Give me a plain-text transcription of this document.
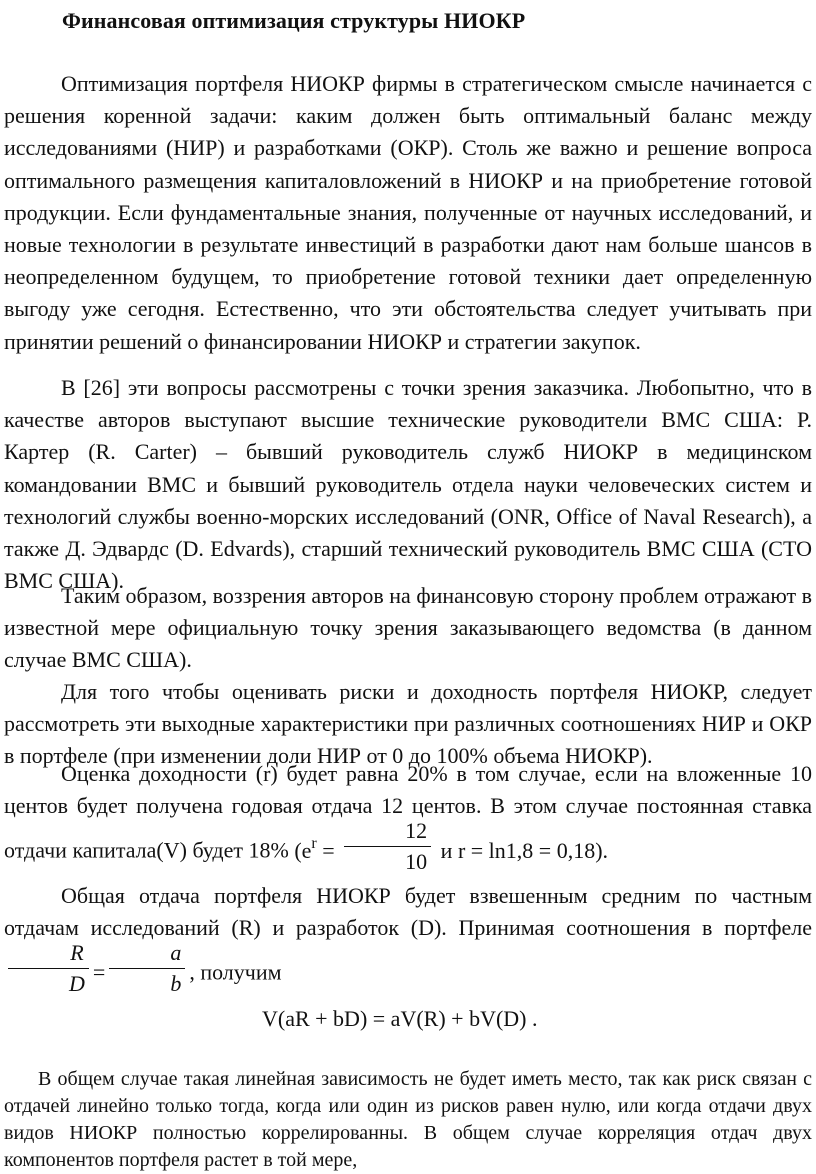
Финансовая оптимизация структуры НИОКР

Оптимизация портфеля НИОКР фирмы в стратегическом смысле начинается с решения коренной задачи: каким должен быть оптимальный баланс между исследованиями (НИР) и разработками (ОКР). Столь же важно и решение вопроса оптимального размещения капиталовложений в НИОКР и на приобретение готовой продукции. Если фундаментальные знания, полученные от научных исследований, и новые технологии в результате инвестиций в разработки дают нам больше шансов в неопределенном будущем, то приобретение готовой техники дает определенную выгоду уже сегодня. Естественно, что эти обстоятельства следует учитывать при принятии решений о финансировании НИОКР и стратегии закупок.

В [26] эти вопросы рассмотрены с точки зрения заказчика. Любопытно, что в качестве авторов выступают высшие технические руководители ВМС США: Р. Картер (R. Carter) – бывший руководитель служб НИОКР в медицинском командовании ВМС и бывший руководитель отдела науки человеческих систем и технологий службы военно-морских исследований (ONR, Office of Naval Research), а также Д. Эдвардс (D. Edvards), старший технический руководитель ВМС США (СТО ВМС США).

Таким образом, воззрения авторов на финансовую сторону проблем отражают в известной мере официальную точку зрения заказывающего ведомства (в данном случае ВМС США).

Для того чтобы оценивать риски и доходность портфеля НИОКР, следует рассмотреть эти выходные характеристики при различных соотношениях НИР и ОКР в портфеле (при изменении доли НИР от 0 до 100% объема НИОКР).

Оценка доходности (r) будет равна 20% в том случае, если на вложенные 10 центов будет получена годовая отдача 12 центов. В этом случае постоянная ставка отдачи капитала(V) будет 18% ($e^r = \frac{12}{10}$ и r = ln1,8 = 0,18).

Общая отдача портфеля НИОКР будет взвешенным средним по частным отдачам исследований (R) и разработок (D). Принимая соотношения в портфеле
$\frac{R}{D} = \frac{a}{b}$ , получим

V(aR + bD) = aV(R) + bV(D) .

В общем случае такая линейная зависимость не будет иметь место, так как риск связан с отдачей линейно только тогда, когда или один из рисков равен нулю, или когда отдачи двух видов НИОКР полностью коррелированны. В общем случае корреляция отдач двух компонентов портфеля растет в той мере,
